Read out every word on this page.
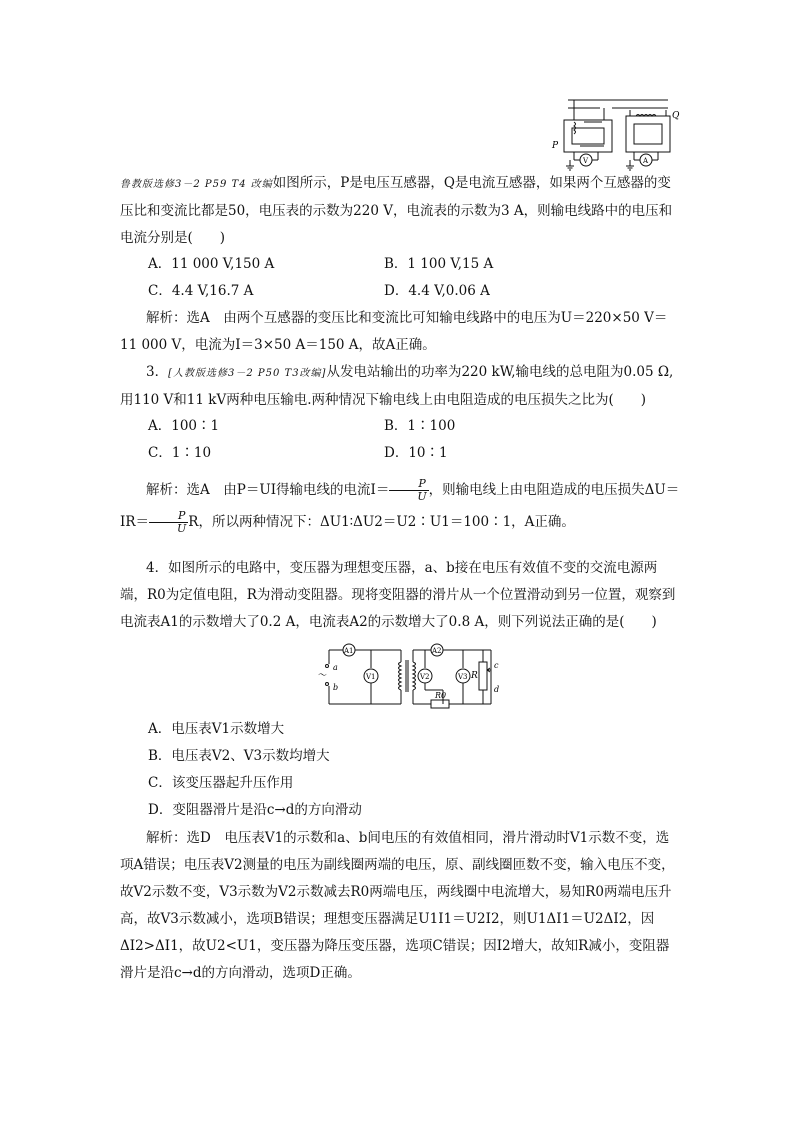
P
Q
V	A

鲁教版选修3－2 P59 T4 改编如图所示，P是电压互感器，Q是电流互感器，如果两个互感器的变压比和变流比都是50，电压表的示数为220 V，电流表的示数为3 A，则输电线路中的电压和电流分别是(　　)

A．11 000 V,150 A	B．1 100 V,15 A

C．4.4 V,16.7 A	D．4.4 V,0.06 A

解析：选A　由两个互感器的变压比和变流比可知输电线路中的电压为U＝220×50 V＝11 000 V，电流为I＝3×50 A＝150 A，故A正确。

3．[人教版选修3－2 P50 T3改编]从发电站输出的功率为220 kW,输电线的总电阻为0.05 Ω,用110 V和11 kV两种电压输电.两种情况下输电线上由电阻造成的电压损失之比为(　　)

A．100∶1	B．1∶100

C．1∶10	D．10∶1

解析：选A　由P＝UI得输电线的电流$I= \frac{P}{U}$ ，则输电线上由电阻造成的电压损失$\Delta U=IR= \frac{P}{U}$ R，所以两种情况下：ΔU1∶ΔU2＝U2∶U1＝100∶1，A正确。

4．如图所示的电路中，变压器为理想变压器，a、b接在电压有效值不变的交流电源两端，R0为定值电阻，R为滑动变阻器。现将变阻器的滑片从一个位置滑动到另一位置，观察到电流表A1的示数增大了0.2 A，电流表A2的示数增大了0.8 A，则下列说法正确的是(　　)

A1	A2
V1	V2	V3
R0
R
a
b
～
c
d

A．电压表V1示数增大

B．电压表V2、V3示数均增大

C．该变压器起升压作用

D．变阻器滑片是沿c→d的方向滑动

解析：选D　电压表V1的示数和a、b间电压的有效值相同，滑片滑动时V1示数不变，选项A错误；电压表V2测量的电压为副线圈两端的电压，原、副线圈匝数不变，输入电压不变，故V2示数不变，V3示数为V2示数减去R0两端电压，两线圈中电流增大，易知R0两端电压升高，故V3示数减小，选项B错误；理想变压器满足U1I1＝U2I2，则U1ΔI1＝U2ΔI2，因ΔI2>ΔI1，故U2<U1，变压器为降压变压器，选项C错误；因I2增大，故知R减小，变阻器滑片是沿c→d的方向滑动，选项D正确。
